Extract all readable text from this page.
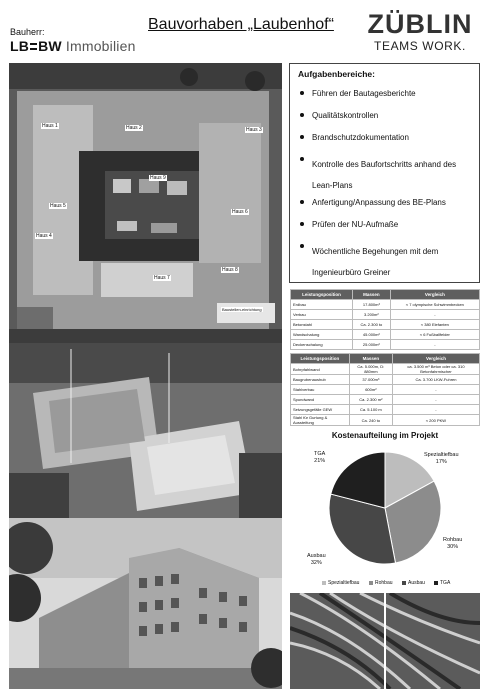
Bauherr:
LB BW Immobilien
Bauvorhaben „Laubenhof“ ZÜBLIN
TEAMS WORK.
Haus 1	Haus 2	Haus 3
Haus 4
Haus 5
Haus 6
Haus 7
Haus 8
Haus 9
Baustellen-einrichtung
Aufgabenbereiche:
Führen der Bautagesberichte
Qualitätskontrollen
Brandschutzdokumentation
Kontrolle des Baufortschritts anhand des Lean-Plans
Anfertigung/Anpassung des BE-Plans
Prüfen der NU-Aufmaße
Wöchentliche Begehungen mit dem Ingenieurbüro Greiner
Leistungsposition	Massen	Vergleich
Erdbau	17.800m³	≈ 7 olympische Schwimmbecken
Verbau	3.200m²	-
Betonstahl	Ca. 2.300 to	≈ 380 Elefanten
Wandschalung	45.000m²	≈ 6 Fußballfelder
Deckenschalung	25.000m²	-
Leistungsposition	Massen	Vergleich
Bohrpfahlwand	Ca. 5.000m, D: 880mm	ca. 3.500 m³ Beton oder ca. 310 Betonfahrmischer
Baugrubenaushub	37.000m³	Ca. 3.700 LKW-Fuhren
Stahlverbau	600m²	-
Spundwand	Ca. 2.300 m²	-
Setzungsgefälle GEW	Ca. 5.100 m	-
Stahl für Gurtung & Aussteifung	Ca. 240 to	≈ 200 PKW
Kostenaufteilung im Projekt
Spezialtiefbau
17%
Rohbau
30%
Ausbau
32%
TGA
21%
Spezialtiefbau	Rohbau	Ausbau	TGA
